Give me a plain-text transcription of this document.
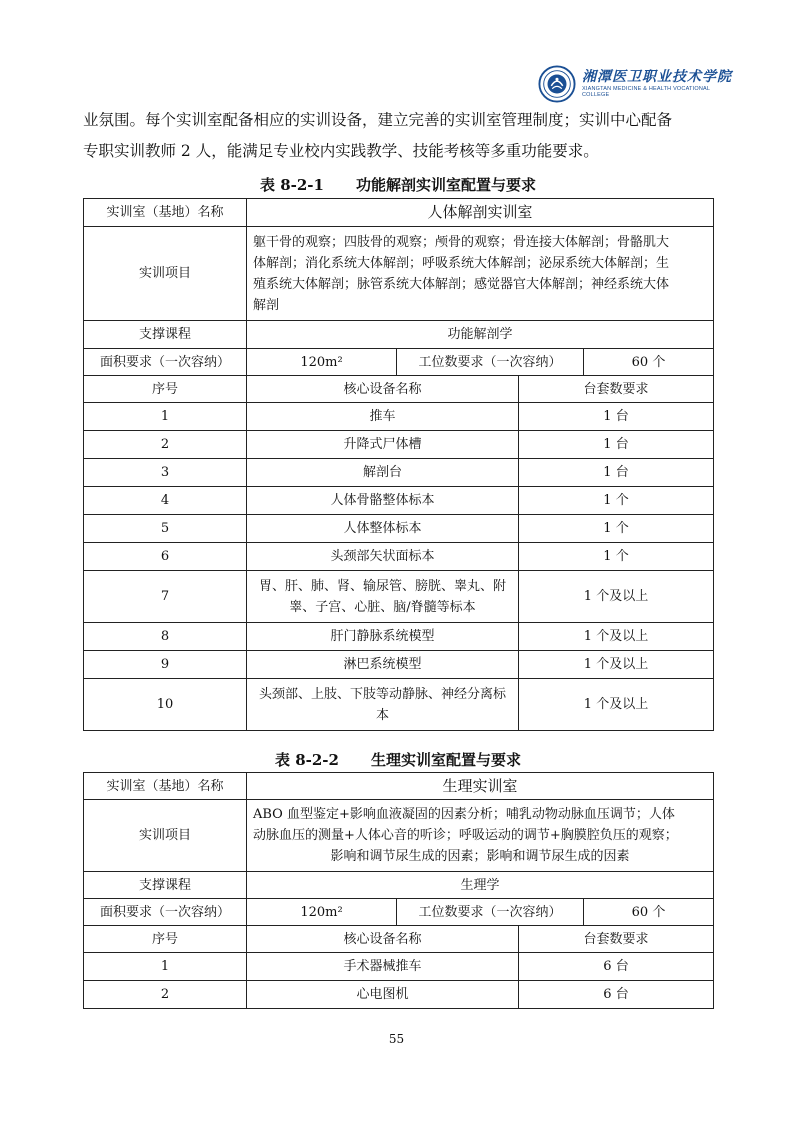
湘潭医卫职业技术学院
XIANGTAN MEDICINE & HEALTH VOCATIONAL COLLEGE
业氛围。每个实训室配备相应的实训设备，建立完善的实训室管理制度；实训中心配备
专职实训教师 2 人，能满足专业校内实践教学、技能考核等多重功能要求。
表 8-2-1 功能解剖实训室配置与要求
实训室（基地）名称	人体解剖实训室			
实训项目	躯干骨的观察；四肢骨的观察；颅骨的观察；骨连接大体解剖；骨骼肌大
体解剖；消化系统大体解剖；呼吸系统大体解剖；泌尿系统大体解剖；生
殖系统大体解剖；脉管系统大体解剖；感觉器官大体解剖；神经系统大体
解剖			

支撑课程	功能解剖学			
面积要求（一次容纳）	120m²	工位数要求（一次容纳）		60 个
序号	核心设备名称		台套数要求	
1	推车		1 台	
2	升降式尸体槽		1 台	
3	解剖台		1 台	
4	人体骨骼整体标本		1 个	
5	人体整体标本		1 个	
6	头颈部矢状面标本		1 个	
7	胃、肝、肺、肾、输尿管、膀胱、睾丸、附
睾、子宫、心脏、脑/脊髓等标本		1 个及以上	
8	肝门静脉系统模型		1 个及以上	
9	淋巴系统模型		1 个及以上	
10	头颈部、上肢、下肢等动静脉、神经分离标
本		1 个及以上	
表 8-2-2 生理实训室配置与要求
实训室（基地）名称	生理实训室			
实训项目	ABO 血型鉴定+影响血液凝固的因素分析；哺乳动物动脉血压调节；人体
动脉血压的测量+人体心音的听诊；呼吸运动的调节+胸膜腔负压的观察；
影响和调节尿生成的因素；影响和调节尿生成的因素			

支撑课程	生理学			
面积要求（一次容纳）	120m²	工位数要求（一次容纳）		60 个
序号	核心设备名称		台套数要求	
1	手术器械推车		6 台	
2	心电图机		6 台	
55
